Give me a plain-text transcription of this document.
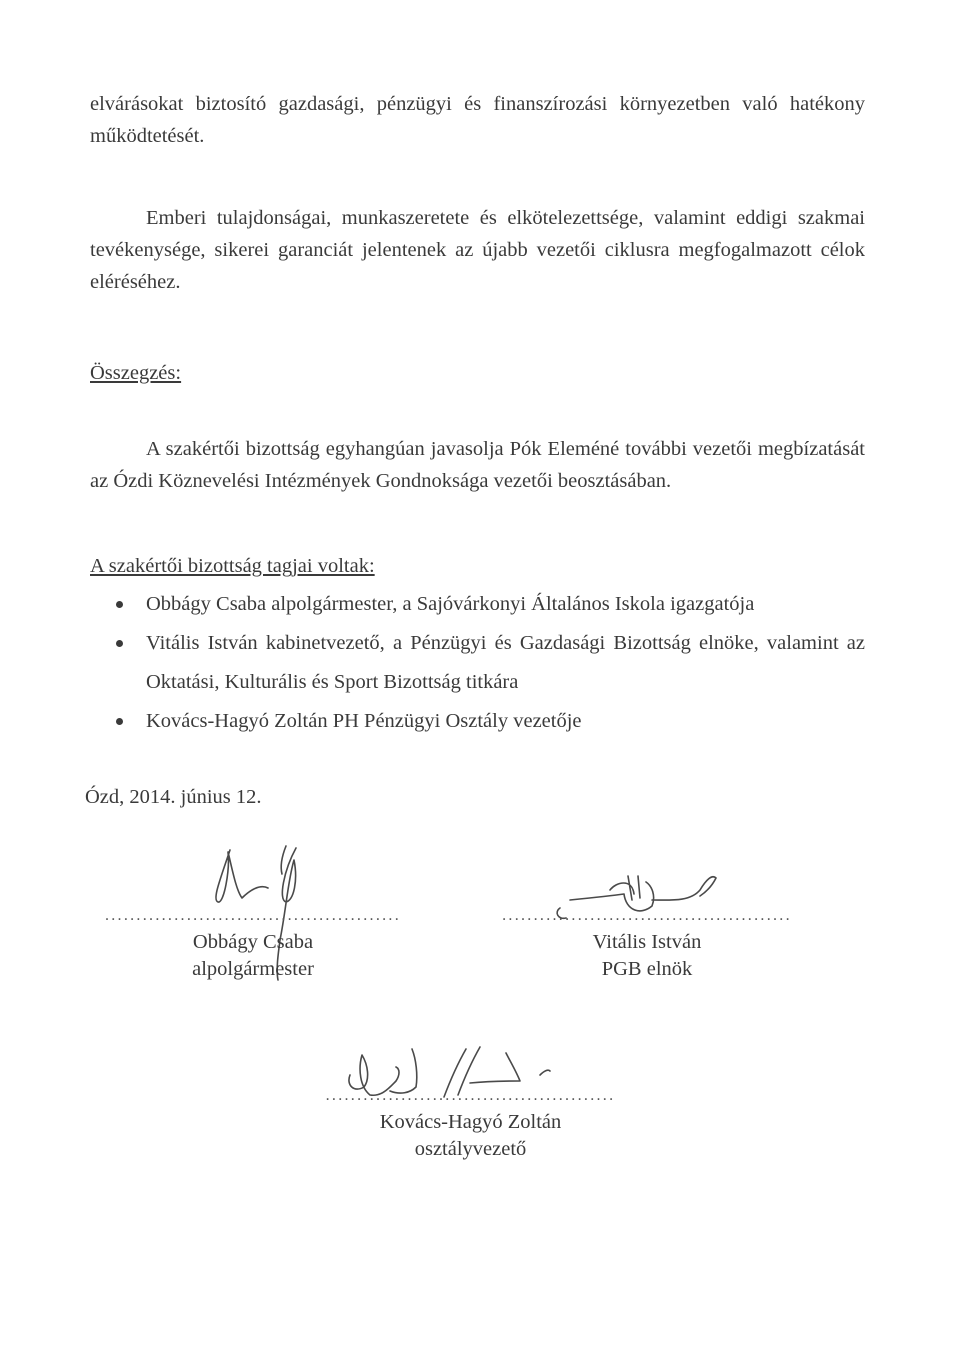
elvárásokat biztosító gazdasági, pénzügyi és finanszírozási környezetben való hatékony működtetését.

Emberi tulajdonságai, munkaszeretete és elkötelezettsége, valamint eddigi szakmai tevékenysége, sikerei garanciát jelentenek az újabb vezetői ciklusra megfogalmazott célok eléréséhez.

Összegzés:

A szakértői bizottság egyhangúan javasolja Pók Eleméné további vezetői megbízatását az Ózdi Köznevelési Intézmények Gondnoksága vezetői beosztásában.

A szakértői bizottság tagjai voltak:

Obbágy Csaba alpolgármester, a Sajóvárkonyi Általános Iskola igazgatója
Vitális István kabinetvezető, a Pénzügyi és Gazdasági Bizottság elnöke, valamint az Oktatási, Kulturális és Sport Bizottság titkára
Kovács-Hagyó Zoltán PH Pénzügyi Osztály vezetője
Ózd, 2014. június 12.
...............................................
Obbágy Csaba
alpolgármester
..............................................
Vitális István
PGB elnök
..............................................
Kovács-Hagyó Zoltán
osztályvezető
